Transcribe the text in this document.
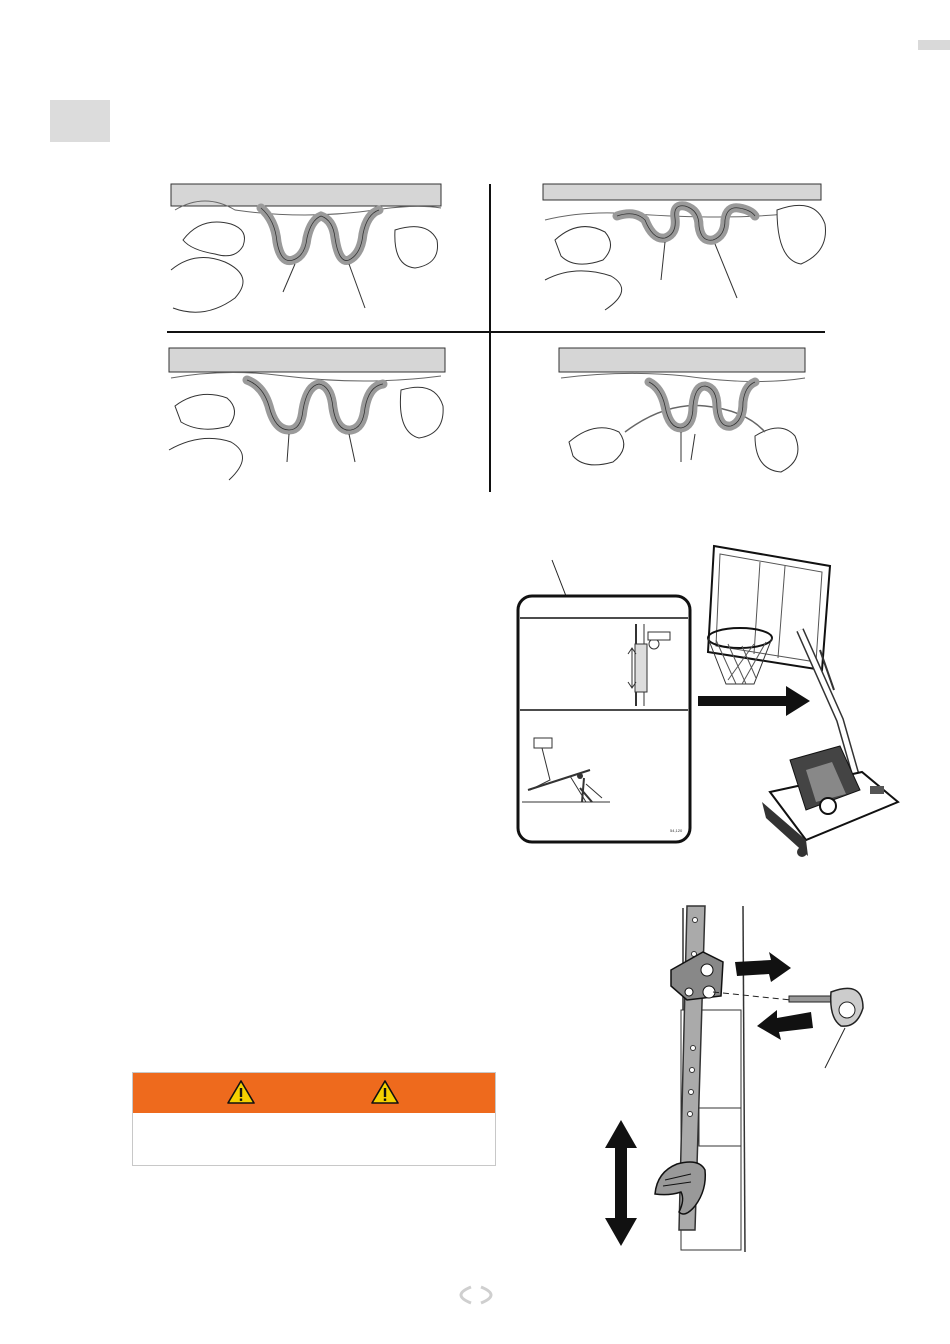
54,120
